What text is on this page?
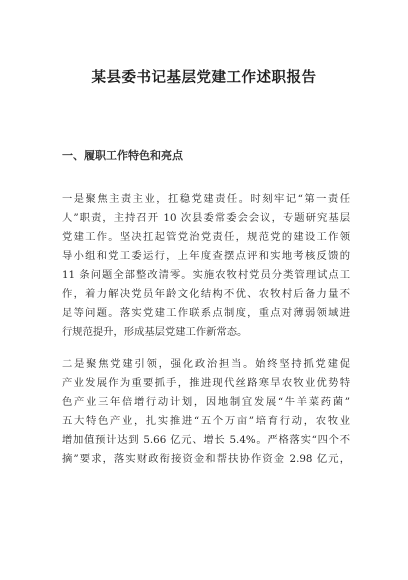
某县委书记基层党建工作述职报告
一、履职工作特色和亮点

一是聚焦主责主业，扛稳党建责任。时刻牢记“第一责任
人”职责，主持召开 10 次县委常委会会议，专题研究基层
党建工作。坚决扛起管党治党责任，规范党的建设工作领
导小组和党工委运行，上年度查摆点评和实地考核反馈的
11 条问题全部整改清零。实施农牧村党员分类管理试点工
作，着力解决党员年龄文化结构不优、农牧村后备力量不
足等问题。落实党建工作联系点制度，重点对薄弱领域进
行规范提升，形成基层党建工作新常态。

二是聚焦党建引领，强化政治担当。始终坚持抓党建促
产业发展作为重要抓手，推进现代丝路寒旱农牧业优势特
色产业三年倍增行动计划，因地制宜发展“牛羊菜药菌”
五大特色产业，扎实推进“五个万亩”培育行动，农牧业
增加值预计达到 5.66 亿元、增长 5.4%。严格落实“四个不
摘”要求，落实财政衔接资金和帮扶协作资金 2.98 亿元，
